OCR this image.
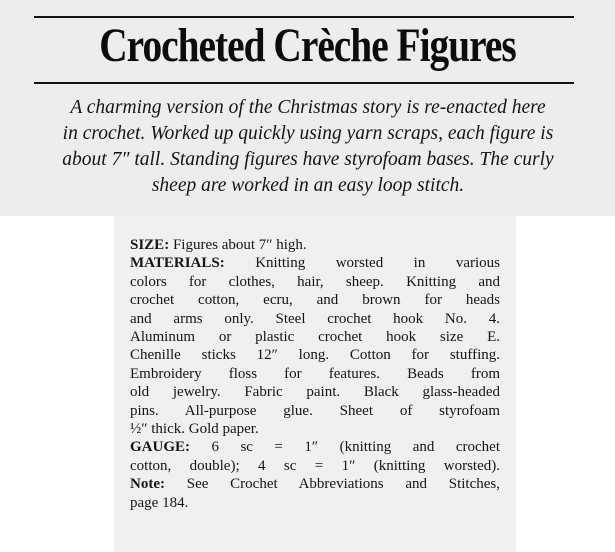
Crocheted Crèche Figures
A charming version of the Christmas story is re-enacted here
in crochet. Worked up quickly using yarn scraps, each figure is
about 7″ tall. Standing figures have styrofoam bases. The curly
sheep are worked in an easy loop stitch.
SIZE: Figures about 7″ high.
MATERIALS: Knitting worsted in various
colors for clothes, hair, sheep. Knitting and
crochet cotton, ecru, and brown for heads
and arms only. Steel crochet hook No. 4.
Aluminum or plastic crochet hook size E.
Chenille sticks 12″ long. Cotton for stuffing.
Embroidery floss for features. Beads from
old jewelry. Fabric paint. Black glass-headed
pins. All-purpose glue. Sheet of styrofoam
½″ thick. Gold paper.
GAUGE: 6 sc = 1″ (knitting and crochet
cotton, double); 4 sc = 1″ (knitting worsted).
Note: See Crochet Abbreviations and Stitches,
page 184.
